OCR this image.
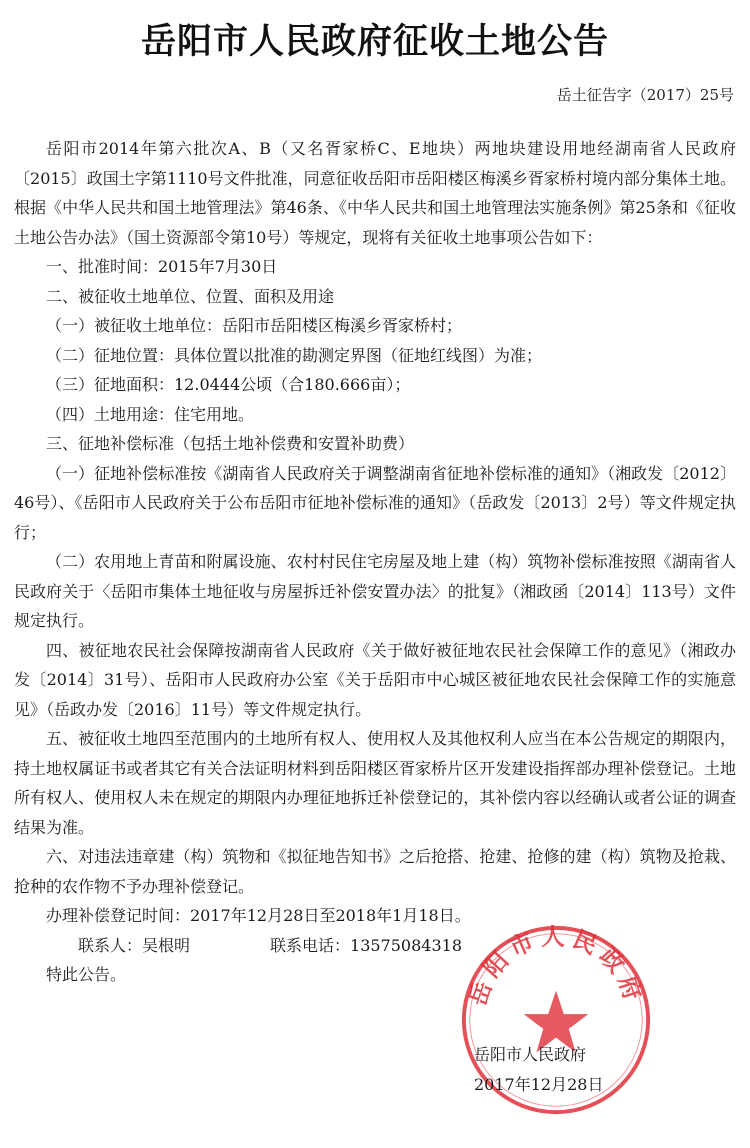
岳阳市人民政府征收土地公告
岳土征告字（2017）25号

岳阳市2014年第六批次A、B（又名胥家桥C、E地块）两地块建设用地经湖南省人民政府〔2015〕政国土字第1110号文件批准，同意征收岳阳市岳阳楼区梅溪乡胥家桥村境内部分集体土地。根据《中华人民共和国土地管理法》第46条、《中华人民共和国土地管理法实施条例》第25条和《征收土地公告办法》（国土资源部令第10号）等规定，现将有关征收土地事项公告如下：

一、批准时间：2015年7月30日

二、被征收土地单位、位置、面积及用途

（一）被征收土地单位：岳阳市岳阳楼区梅溪乡胥家桥村；

（二）征地位置：具体位置以批准的勘测定界图（征地红线图）为准；

（三）征地面积：12.0444公顷（合180.666亩）；

（四）土地用途：住宅用地。

三、征地补偿标准（包括土地补偿费和安置补助费）

（一）征地补偿标准按《湖南省人民政府关于调整湖南省征地补偿标准的通知》（湘政发〔2012〕46号）、《岳阳市人民政府关于公布岳阳市征地补偿标准的通知》（岳政发〔2013〕2号）等文件规定执行；

（二）农用地上青苗和附属设施、农村村民住宅房屋及地上建（构）筑物补偿标准按照《湖南省人民政府关于〈岳阳市集体土地征收与房屋拆迁补偿安置办法〉的批复》（湘政函〔2014〕113号）文件规定执行。

四、被征地农民社会保障按湖南省人民政府《关于做好被征地农民社会保障工作的意见》（湘政办发〔2014〕31号）、岳阳市人民政府办公室《关于岳阳市中心城区被征地农民社会保障工作的实施意见》（岳政办发〔2016〕11号）等文件规定执行。

五、被征收土地四至范围内的土地所有权人、使用权人及其他权利人应当在本公告规定的期限内，持土地权属证书或者其它有关合法证明材料到岳阳楼区胥家桥片区开发建设指挥部办理补偿登记。土地所有权人、使用权人未在规定的期限内办理征地拆迁补偿登记的，其补偿内容以经确认或者公证的调查结果为准。

六、对违法违章建（构）筑物和《拟征地告知书》之后抢搭、抢建、抢修的建（构）筑物及抢栽、抢种的农作物不予办理补偿登记。

办理补偿登记时间：2017年12月28日至2018年1月18日。

联系人：吴根明	联系电话：13575084318

特此公告。	岳阳市人民政府
岳阳市人民政府
2017年12月28日
